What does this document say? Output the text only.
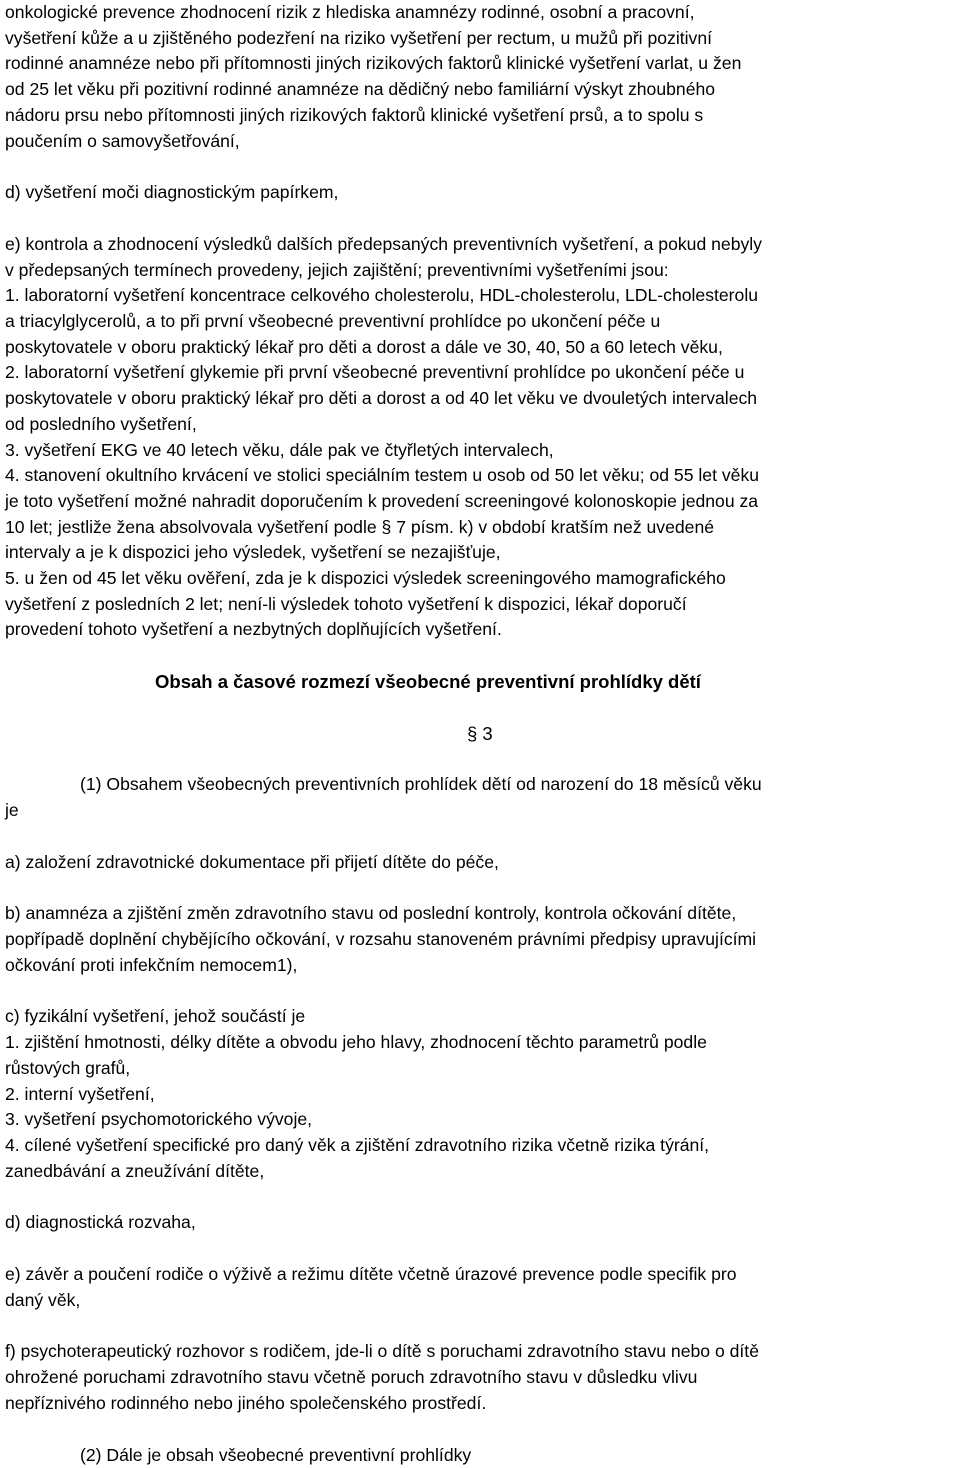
onkologické prevence zhodnocení rizik z hlediska anamnézy rodinné, osobní a pracovní,
vyšetření kůže a u zjištěného podezření na riziko vyšetření per rectum, u mužů při pozitivní
rodinné anamnéze nebo při přítomnosti jiných rizikových faktorů klinické vyšetření varlat, u žen
od 25 let věku při pozitivní rodinné anamnéze na dědičný nebo familiární výskyt zhoubného
nádoru prsu nebo přítomnosti jiných rizikových faktorů klinické vyšetření prsů, a to spolu s
poučením o samovyšetřování,
d) vyšetření moči diagnostickým papírkem,
e) kontrola a zhodnocení výsledků dalších předepsaných preventivních vyšetření, a pokud nebyly
v předepsaných termínech provedeny, jejich zajištění; preventivními vyšetřeními jsou:
1. laboratorní vyšetření koncentrace celkového cholesterolu, HDL-cholesterolu, LDL-cholesterolu
a triacylglycerolů, a to při první všeobecné preventivní prohlídce po ukončení péče u
poskytovatele v oboru praktický lékař pro děti a dorost a dále ve 30, 40, 50 a 60 letech věku,
2. laboratorní vyšetření glykemie při první všeobecné preventivní prohlídce po ukončení péče u
poskytovatele v oboru praktický lékař pro děti a dorost a od 40 let věku ve dvouletých intervalech
od posledního vyšetření,
3. vyšetření EKG ve 40 letech věku, dále pak ve čtyřletých intervalech,
4. stanovení okultního krvácení ve stolici speciálním testem u osob od 50 let věku; od 55 let věku
je toto vyšetření možné nahradit doporučením k provedení screeningové kolonoskopie jednou za
10 let; jestliže žena absolvovala vyšetření podle § 7 písm. k) v období kratším než uvedené
intervaly a je k dispozici jeho výsledek, vyšetření se nezajišťuje,
5. u žen od 45 let věku ověření, zda je k dispozici výsledek screeningového mamografického
vyšetření z posledních 2 let; není-li výsledek tohoto vyšetření k dispozici, lékař doporučí
provedení tohoto vyšetření a nezbytných doplňujících vyšetření.
Obsah a časové rozmezí všeobecné preventivní prohlídky dětí
§ 3
(1) Obsahem všeobecných preventivních prohlídek dětí od narození do 18 měsíců věku
je
a) založení zdravotnické dokumentace při přijetí dítěte do péče,
b) anamnéza a zjištění změn zdravotního stavu od poslední kontroly, kontrola očkování dítěte,
popřípadě doplnění chybějícího očkování, v rozsahu stanoveném právními předpisy upravujícími
očkování proti infekčním nemocem1),
c) fyzikální vyšetření, jehož součástí je
1. zjištění hmotnosti, délky dítěte a obvodu jeho hlavy, zhodnocení těchto parametrů podle
růstových grafů,
2. interní vyšetření,
3. vyšetření psychomotorického vývoje,
4. cílené vyšetření specifické pro daný věk a zjištění zdravotního rizika včetně rizika týrání,
zanedbávání a zneužívání dítěte,
d) diagnostická rozvaha,
e) závěr a poučení rodiče o výživě a režimu dítěte včetně úrazové prevence podle specifik pro
daný věk,
f) psychoterapeutický rozhovor s rodičem, jde-li o dítě s poruchami zdravotního stavu nebo o dítě
ohrožené poruchami zdravotního stavu včetně poruch zdravotního stavu v důsledku vlivu
nepříznivého rodinného nebo jiného společenského prostředí.
(2) Dále je obsah všeobecné preventivní prohlídky
